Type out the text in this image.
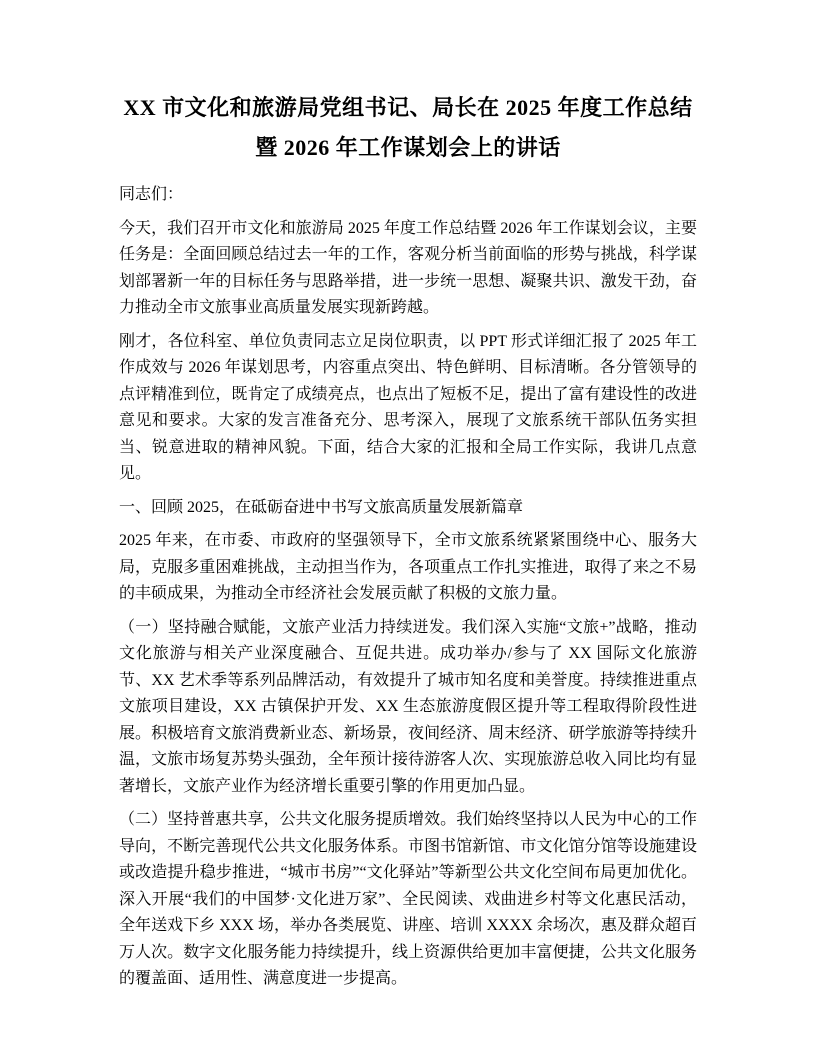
XX 市文化和旅游局党组书记、局长在 2025 年度工作总结暨 2026 年工作谋划会上的讲话

同志们：

今天，我们召开市文化和旅游局 2025 年度工作总结暨 2026 年工作谋划会议，主要任务是：全面回顾总结过去一年的工作，客观分析当前面临的形势与挑战，科学谋划部署新一年的目标任务与思路举措，进一步统一思想、凝聚共识、激发干劲，奋力推动全市文旅事业高质量发展实现新跨越。

刚才，各位科室、单位负责同志立足岗位职责，以 PPT 形式详细汇报了 2025 年工作成效与 2026 年谋划思考，内容重点突出、特色鲜明、目标清晰。各分管领导的点评精准到位，既肯定了成绩亮点，也点出了短板不足，提出了富有建设性的改进意见和要求。大家的发言准备充分、思考深入，展现了文旅系统干部队伍务实担当、锐意进取的精神风貌。下面，结合大家的汇报和全局工作实际，我讲几点意见。

一、回顾 2025，在砥砺奋进中书写文旅高质量发展新篇章

2025 年来，在市委、市政府的坚强领导下，全市文旅系统紧紧围绕中心、服务大局，克服多重困难挑战，主动担当作为，各项重点工作扎实推进，取得了来之不易的丰硕成果，为推动全市经济社会发展贡献了积极的文旅力量。

（一）坚持融合赋能，文旅产业活力持续迸发。我们深入实施“文旅+”战略，推动文化旅游与相关产业深度融合、互促共进。成功举办/参与了 XX 国际文化旅游节、XX 艺术季等系列品牌活动，有效提升了城市知名度和美誉度。持续推进重点文旅项目建设，XX 古镇保护开发、XX 生态旅游度假区提升等工程取得阶段性进展。积极培育文旅消费新业态、新场景，夜间经济、周末经济、研学旅游等持续升温，文旅市场复苏势头强劲，全年预计接待游客人次、实现旅游总收入同比均有显著增长，文旅产业作为经济增长重要引擎的作用更加凸显。

（二）坚持普惠共享，公共文化服务提质增效。我们始终坚持以人民为中心的工作导向，不断完善现代公共文化服务体系。市图书馆新馆、市文化馆分馆等设施建设或改造提升稳步推进，“城市书房”“文化驿站”等新型公共文化空间布局更加优化。深入开展“我们的中国梦·文化进万家”、全民阅读、戏曲进乡村等文化惠民活动，全年送戏下乡 XXX 场，举办各类展览、讲座、培训 XXXX 余场次，惠及群众超百万人次。数字文化服务能力持续提升，线上资源供给更加丰富便捷，公共文化服务的覆盖面、适用性、满意度进一步提高。
